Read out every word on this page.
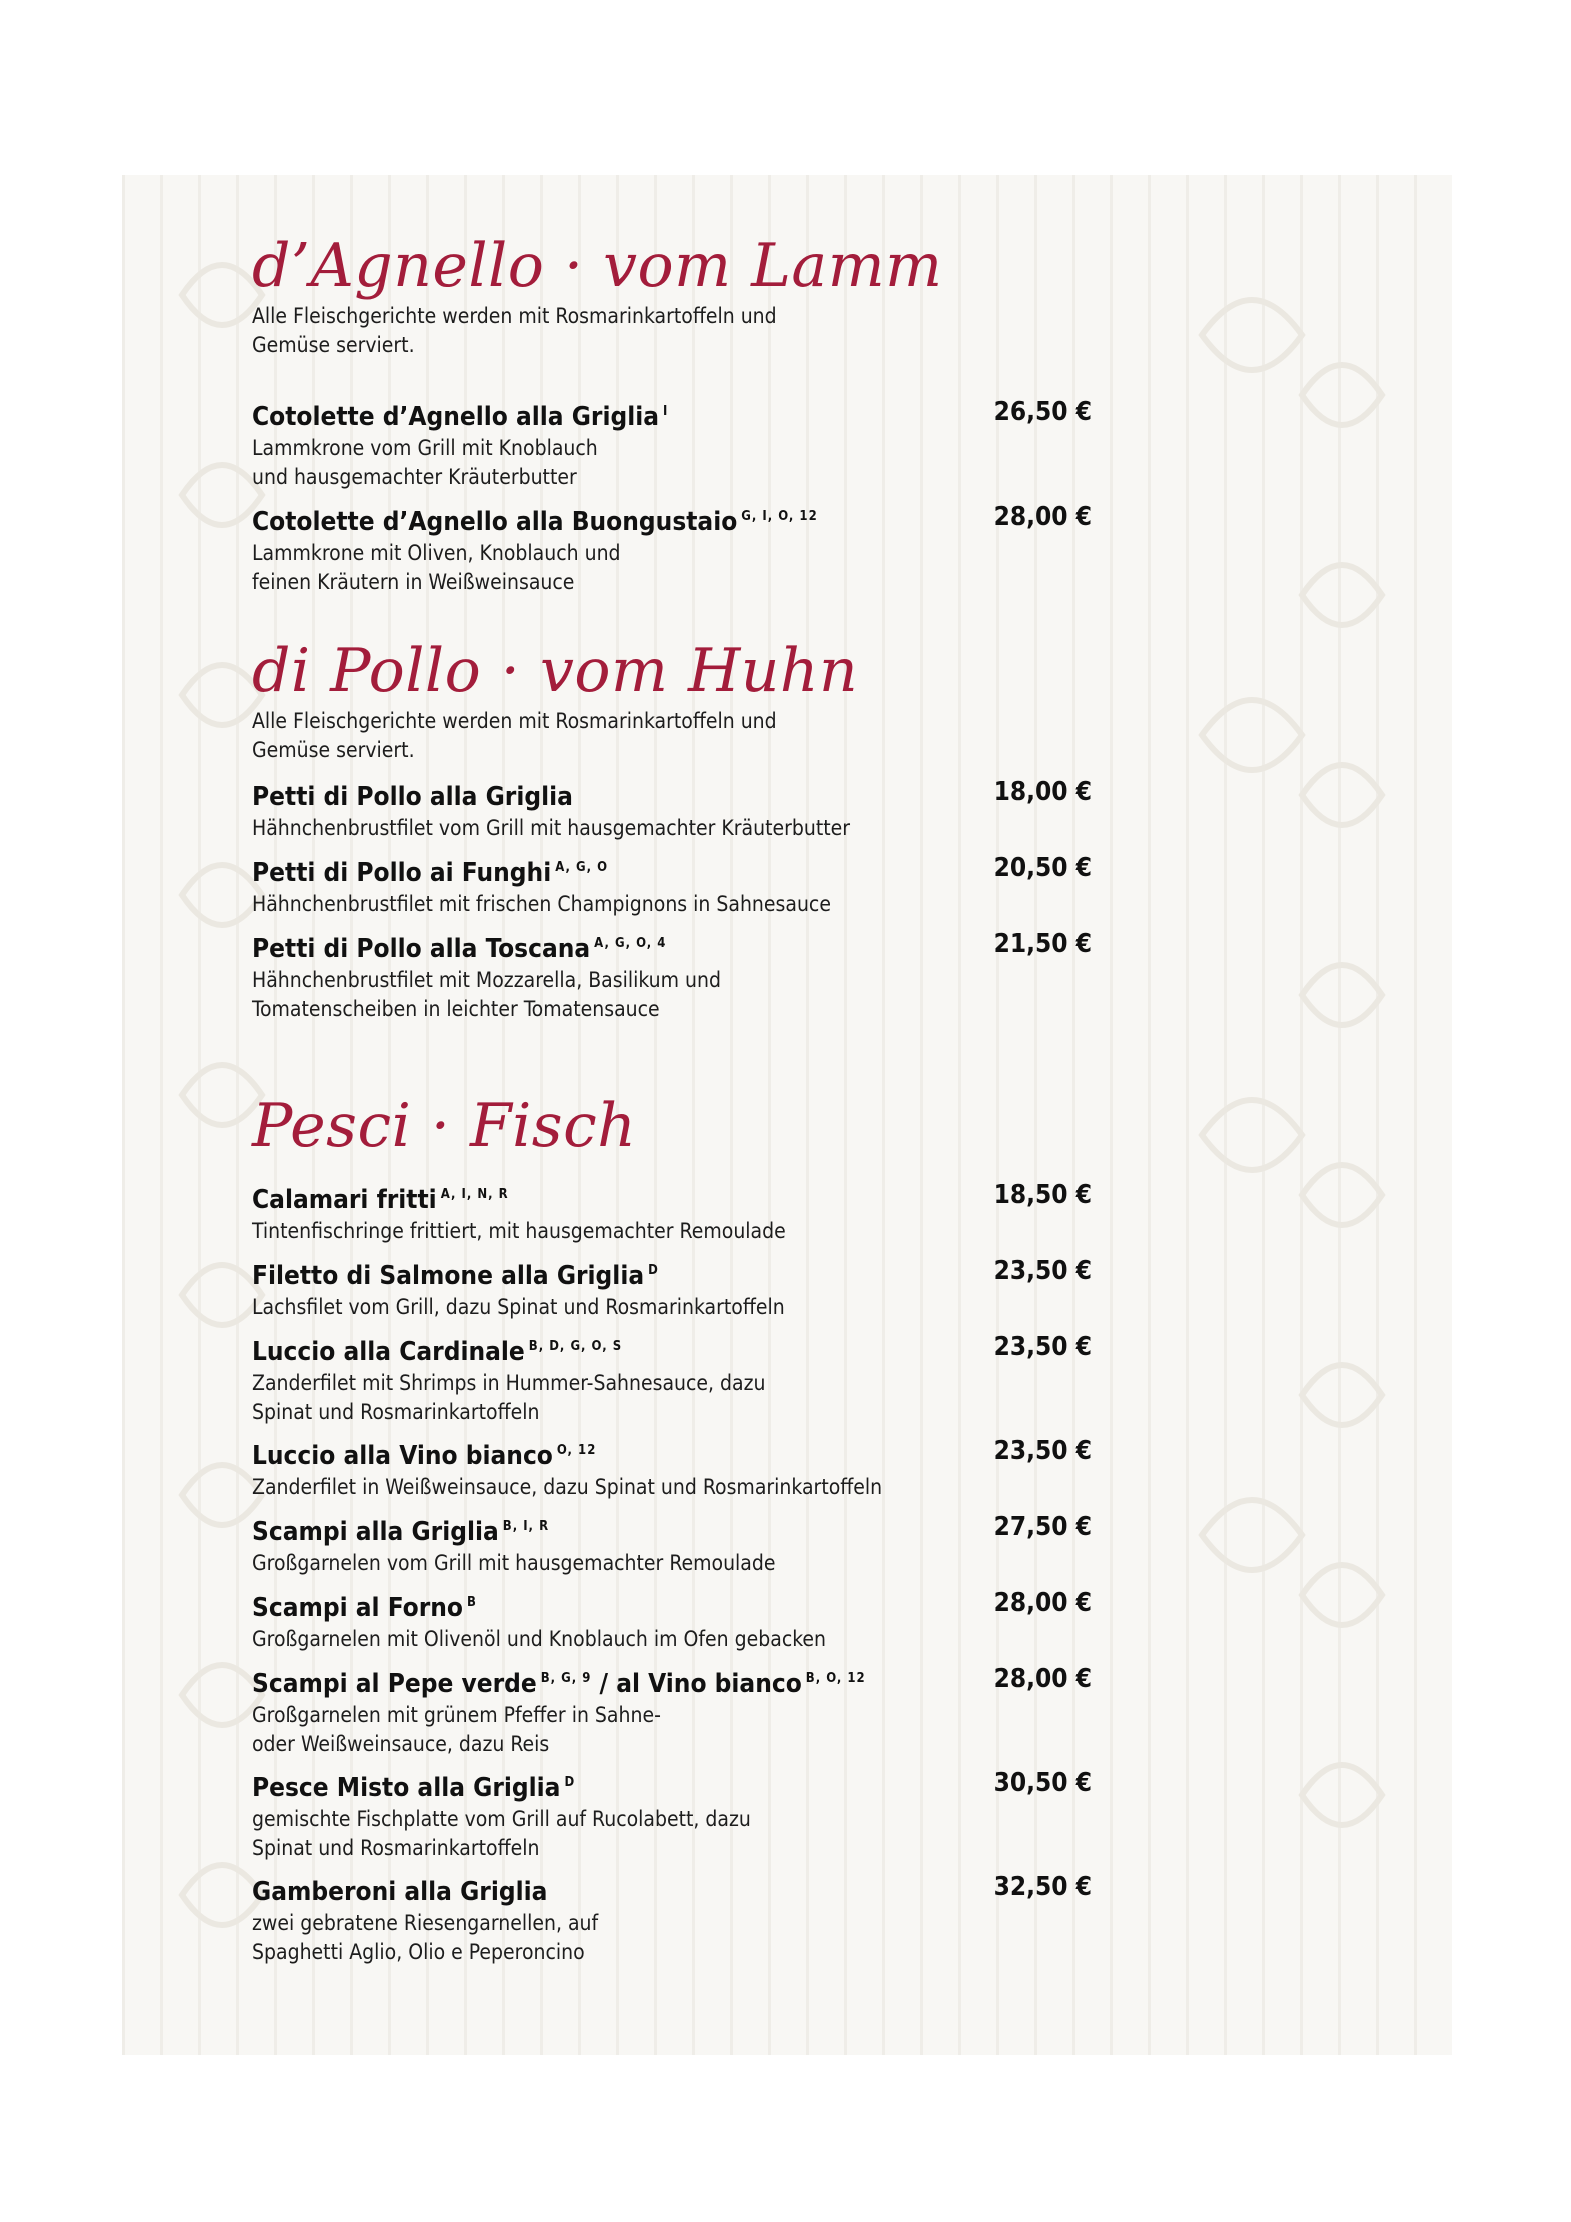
d’Agnello · vom Lamm

Alle Fleischgerichte werden mit Rosmarinkartoffeln und Gemüse serviert.

Cotolette d’Agnello alla Griglia $^I$	26,50 €

Lammkrone vom Grill mit Knoblauch und hausgemachter Kräuterbutter

Cotolette d’Agnello alla Buongustaio $^{G, I, O, 12}$	28,00 €

Lammkrone mit Oliven, Knoblauch und feinen Kräutern in Weißweinsauce

di Pollo · vom Huhn

Alle Fleischgerichte werden mit Rosmarinkartoffeln und Gemüse serviert.

Petti di Pollo alla Griglia	18,00 €

Hähnchenbrustfilet vom Grill mit hausgemachter Kräuterbutter

Petti di Pollo ai Funghi $^{A, G, O}$	20,50 €

Hähnchenbrustfilet mit frischen Champignons in Sahnesauce

Petti di Pollo alla Toscana $^{A, G, O, 4}$	21,50 €

Hähnchenbrustfilet mit Mozzarella, Basilikum und Tomatenscheiben in leichter Tomatensauce

Pesci · Fisch

Calamari fritti $^{A, I, N, R}$	18,50 €

Tintenfischringe frittiert, mit hausgemachter Remoulade

Filetto di Salmone alla Griglia $^D$	23,50 €

Lachsfilet vom Grill, dazu Spinat und Rosmarinkartoffeln

Luccio alla Cardinale $^{B, D, G, O, S}$	23,50 €

Zanderfilet mit Shrimps in Hummer-Sahnesauce, dazu Spinat und Rosmarinkartoffeln

Luccio alla Vino bianco $^{O, 12}$	23,50 €

Zanderfilet in Weißweinsauce, dazu Spinat und Rosmarinkartoffeln

Scampi alla Griglia $^{B, I, R}$	27,50 €

Großgarnelen vom Grill mit hausgemachter Remoulade

Scampi al Forno $^B$	28,00 €

Großgarnelen mit Olivenöl und Knoblauch im Ofen gebacken

Scampi al Pepe verde $^{B, G, 9}$ / al Vino bianco $^{B, O, 12}$	28,00 €

Großgarnelen mit grünem Pfeffer in Sahne- oder Weißweinsauce, dazu Reis

Pesce Misto alla Griglia $^D$	30,50 €

gemischte Fischplatte vom Grill auf Rucolabett, dazu Spinat und Rosmarinkartoffeln

Gamberoni alla Griglia	32,50 €

zwei gebratene Riesengarnellen, auf Spaghetti Aglio, Olio e Peperoncino
